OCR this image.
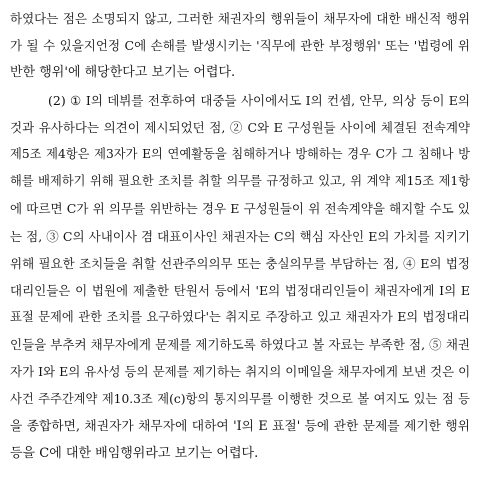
하였다는 점은 소명되지 않고, 그러한 채권자의 행위들이 채무자에 대한 배신적 행위
가 될 수 있을지언정 C에 손해를 발생시키는 '직무에 관한 부정행위' 또는 '법령에 위
반한 행위'에 해당한다고 보기는 어렵다.
(2) ① I의 데뷔를 전후하여 대중들 사이에서도 I의 컨셉, 안무, 의상 등이 E의
것과 유사하다는 의견이 제시되었던 점, ② C와 E 구성원들 사이에 체결된 전속계약
제5조 제4항은 제3자가 E의 연예활동을 침해하거나 방해하는 경우 C가 그 침해나 방
해를 배제하기 위해 필요한 조치를 취할 의무를 규정하고 있고, 위 계약 제15조 제1항
에 따르면 C가 위 의무를 위반하는 경우 E 구성원들이 위 전속계약을 해지할 수도 있
는 점, ③ C의 사내이사 겸 대표이사인 채권자는 C의 핵심 자산인 E의 가치를 지키기
위해 필요한 조치들을 취할 선관주의의무 또는 충실의무를 부담하는 점, ④ E의 법정
대리인들은 이 법원에 제출한 탄원서 등에서 'E의 법정대리인들이 채권자에게 I의 E
표절 문제에 관한 조치를 요구하였다'는 취지로 주장하고 있고 채권자가 E의 법정대리
인들을 부추켜 채무자에게 문제를 제기하도록 하였다고 볼 자료는 부족한 점, ⑤ 채권
자가 I와 E의 유사성 등의 문제를 제기하는 취지의 이메일을 채무자에게 보낸 것은 이
사건 주주간계약 제10.3조 제(c)항의 통지의무를 이행한 것으로 볼 여지도 있는 점 등
을 종합하면, 채권자가 채무자에 대하여 'I의 E 표절' 등에 관한 문제를 제기한 행위
등을 C에 대한 배임행위라고 보기는 어렵다.
